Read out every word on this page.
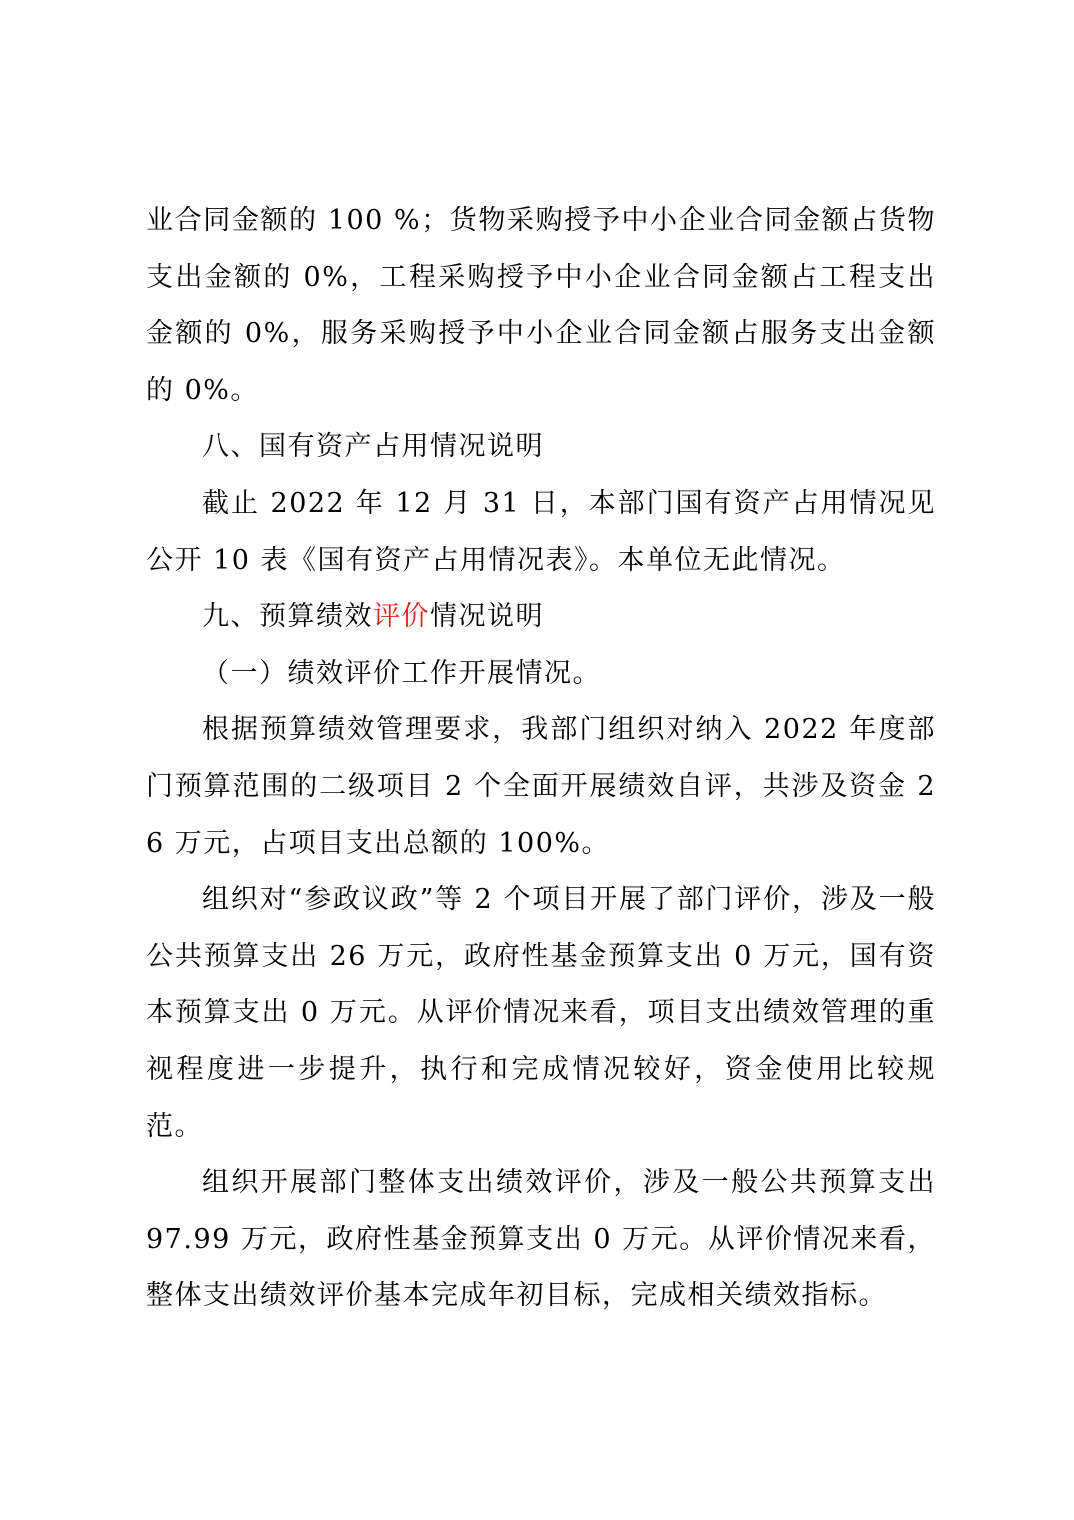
业合同金额的 100 %；货物采购授予中小企业合同金额占货物支出金额的 0%，工程采购授予中小企业合同金额占工程支出金额的 0%，服务采购授予中小企业合同金额占服务支出金额的 0%。

八、国有资产占用情况说明

截止 2022 年 12 月 31 日，本部门国有资产占用情况见公开 10 表《国有资产占用情况表》。本单位无此情况。

九、预算绩效评价情况说明

（一）绩效评价工作开展情况。

根据预算绩效管理要求，我部门组织对纳入 2022 年度部门预算范围的二级项目 2 个全面开展绩效自评，共涉及资金 26 万元，占项目支出总额的 100%。

组织对“参政议政”等 2 个项目开展了部门评价，涉及一般公共预算支出 26 万元，政府性基金预算支出 0 万元，国有资本预算支出 0 万元。从评价情况来看，项目支出绩效管理的重视程度进一步提升，执行和完成情况较好，资金使用比较规范。

组织开展部门整体支出绩效评价，涉及一般公共预算支出 97.99 万元，政府性基金预算支出 0 万元。从评价情况来看，整体支出绩效评价基本完成年初目标，完成相关绩效指标。
